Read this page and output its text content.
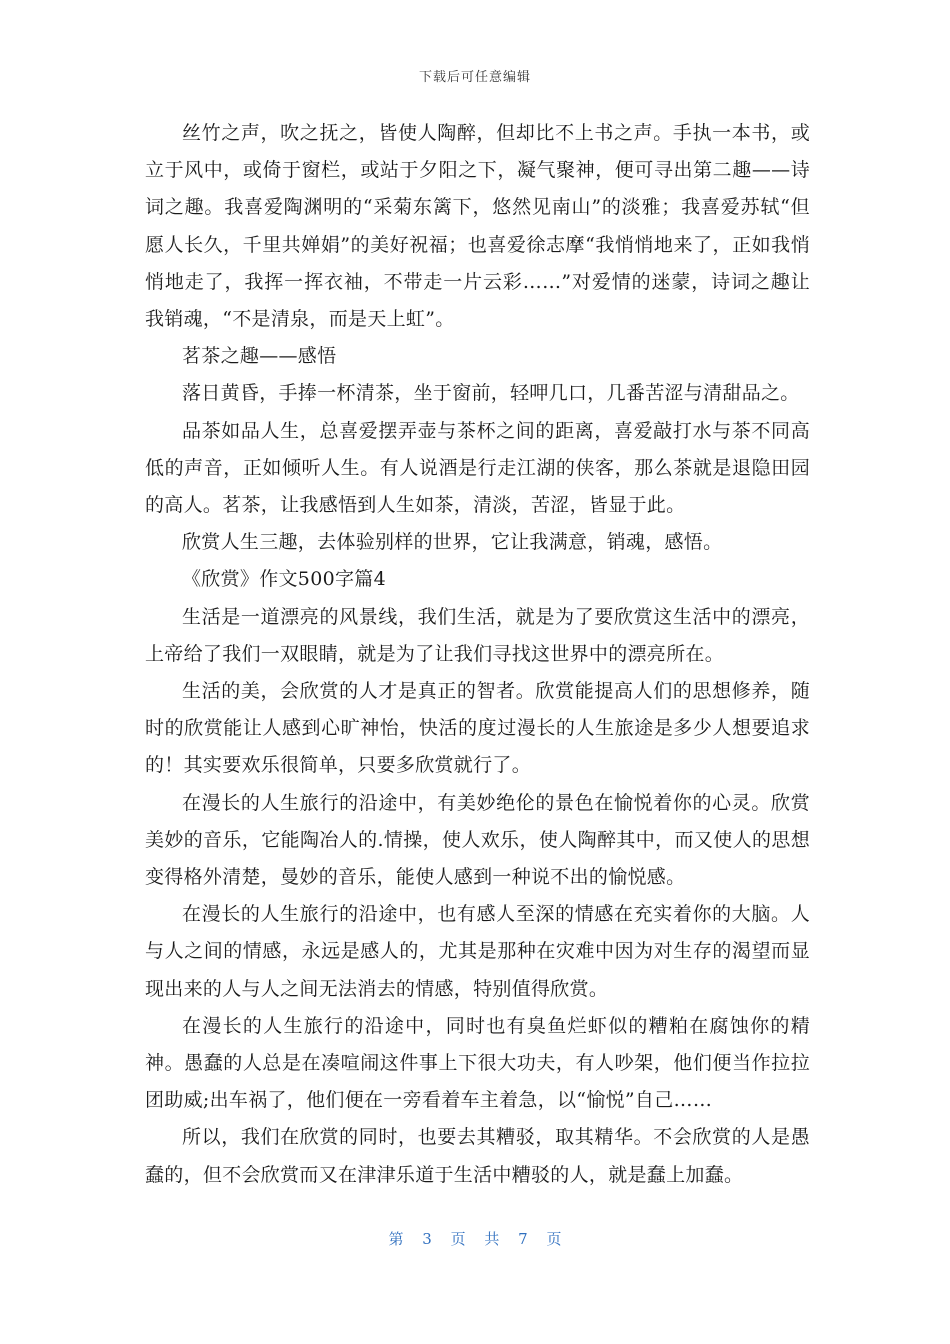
下载后可任意编辑

丝竹之声，吹之抚之，皆使人陶醉，但却比不上书之声。手执一本书，或立于风中，或倚于窗栏，或站于夕阳之下，凝气聚神，便可寻出第二趣——诗词之趣。我喜爱陶渊明的“采菊东篱下，悠然见南山”的淡雅；我喜爱苏轼“但愿人长久，千里共婵娟”的美好祝福；也喜爱徐志摩“我悄悄地来了，正如我悄悄地走了，我挥一挥衣袖，不带走一片云彩……”对爱情的迷蒙，诗词之趣让我销魂，“不是清泉，而是天上虹”。

茗茶之趣——感悟

落日黄昏，手捧一杯清茶，坐于窗前，轻呷几口，几番苦涩与清甜品之。

品茶如品人生，总喜爱摆弄壶与茶杯之间的距离，喜爱敲打水与茶不同高低的声音，正如倾听人生。有人说酒是行走江湖的侠客，那么茶就是退隐田园的高人。茗茶，让我感悟到人生如茶，清淡，苦涩，皆显于此。

欣赏人生三趣，去体验别样的世界，它让我满意，销魂，感悟。

《欣赏》作文500字篇4

生活是一道漂亮的风景线，我们生活，就是为了要欣赏这生活中的漂亮，上帝给了我们一双眼睛，就是为了让我们寻找这世界中的漂亮所在。

生活的美，会欣赏的人才是真正的智者。欣赏能提高人们的思想修养，随时的欣赏能让人感到心旷神怡，快活的度过漫长的人生旅途是多少人想要追求的！其实要欢乐很简单，只要多欣赏就行了。

在漫长的人生旅行的沿途中，有美妙绝伦的景色在愉悦着你的心灵。欣赏美妙的音乐，它能陶冶人的.情操，使人欢乐，使人陶醉其中，而又使人的思想变得格外清楚，曼妙的音乐，能使人感到一种说不出的愉悦感。

在漫长的人生旅行的沿途中，也有感人至深的情感在充实着你的大脑。人与人之间的情感，永远是感人的，尤其是那种在灾难中因为对生存的渴望而显现出来的人与人之间无法消去的情感，特别值得欣赏。

在漫长的人生旅行的沿途中，同时也有臭鱼烂虾似的糟粕在腐蚀你的精神。愚蠢的人总是在凑喧闹这件事上下很大功夫，有人吵架，他们便当作拉拉团助威;出车祸了，他们便在一旁看着车主着急，以“愉悦”自己……

所以，我们在欣赏的同时，也要去其糟驳，取其精华。不会欣赏的人是愚蠢的，但不会欣赏而又在津津乐道于生活中糟驳的人，就是蠢上加蠢。

第 3 页 共 7 页
